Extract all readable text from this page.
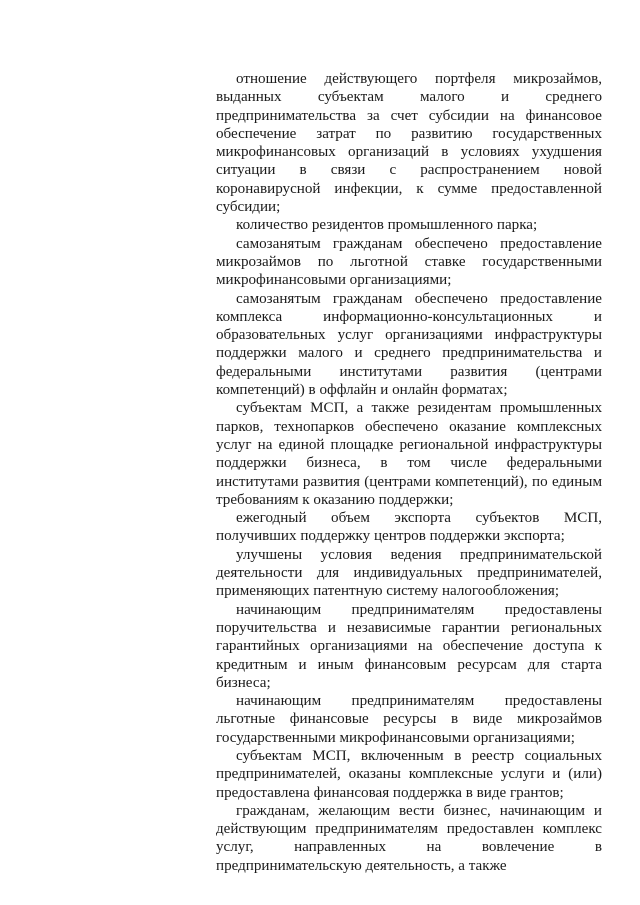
отношение действующего портфеля микрозаймов, выданных субъектам малого и среднего предпринимательства за счет субсидии на финансовое обеспечение затрат по развитию государственных микрофинансовых организаций в условиях ухудшения ситуации в связи с распространением новой коронавирусной инфекции, к сумме предоставленной субсидии;

количество резидентов промышленного парка;

самозанятым гражданам обеспечено предоставление микрозаймов по льготной ставке государственными микрофинансовыми организациями;

самозанятым гражданам обеспечено предоставление комплекса информационно-консультационных и образовательных услуг организациями инфраструктуры поддержки малого и среднего предпринимательства и федеральными институтами развития (центрами компетенций) в оффлайн и онлайн форматах;

субъектам МСП, а также резидентам промышленных парков, технопарков обеспечено оказание комплексных услуг на единой площадке региональной инфраструктуры поддержки бизнеса, в том числе федеральными институтами развития (центрами компетенций), по единым требованиям к оказанию поддержки;

ежегодный объем экспорта субъектов МСП, получивших поддержку центров поддержки экспорта;

улучшены условия ведения предпринимательской деятельности для индивидуальных предпринимателей, применяющих патентную систему налогообложения;

начинающим предпринимателям предоставлены поручительства и независимые гарантии региональных гарантийных организациями на обеспечение доступа к кредитным и иным финансовым ресурсам для старта бизнеса;

начинающим предпринимателям предоставлены льготные финансовые ресурсы в виде микрозаймов государственными микрофинансовыми организациями;

субъектам МСП, включенным в реестр социальных предпринимателей, оказаны комплексные услуги и (или) предоставлена финансовая поддержка в виде грантов;

гражданам, желающим вести бизнес, начинающим и действующим предпринимателям предоставлен комплекс услуг, направленных на вовлечение в предпринимательскую деятельность, а также
